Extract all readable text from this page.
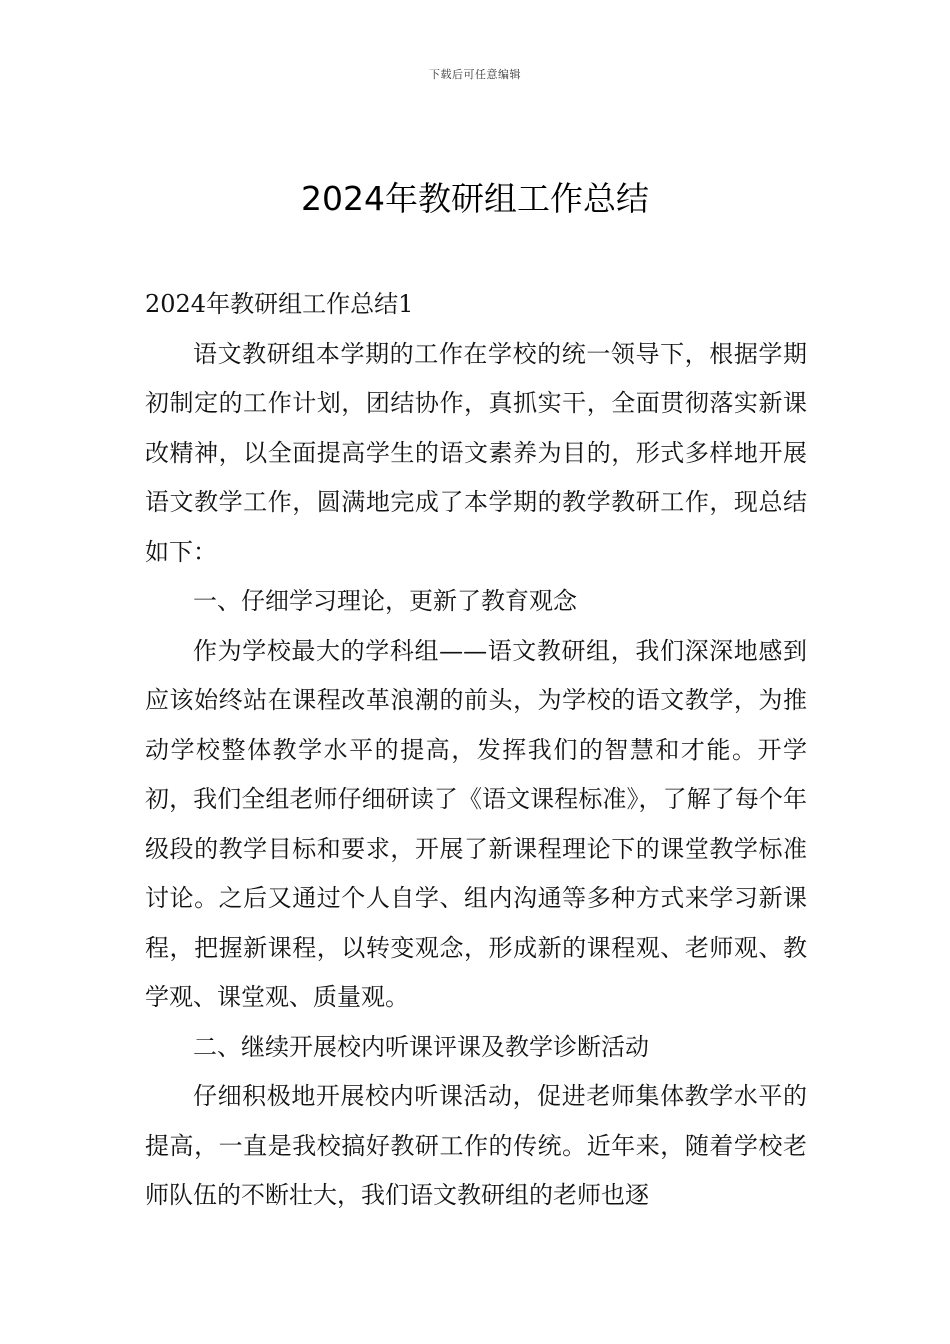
下载后可任意编辑
2024年教研组工作总结

2024年教研组工作总结1

语文教研组本学期的工作在学校的统一领导下，根据学期初制定的工作计划，团结协作，真抓实干，全面贯彻落实新课改精神，以全面提高学生的语文素养为目的，形式多样地开展语文教学工作，圆满地完成了本学期的教学教研工作，现总结如下：

一、仔细学习理论，更新了教育观念

作为学校最大的学科组——语文教研组，我们深深地感到应该始终站在课程改革浪潮的前头，为学校的语文教学，为推动学校整体教学水平的提高，发挥我们的智慧和才能。开学初，我们全组老师仔细研读了《语文课程标准》，了解了每个年级段的教学目标和要求，开展了新课程理论下的课堂教学标准讨论。之后又通过个人自学、组内沟通等多种方式来学习新课程，把握新课程，以转变观念，形成新的课程观、老师观、教学观、课堂观、质量观。

二、继续开展校内听课评课及教学诊断活动

仔细积极地开展校内听课活动，促进老师集体教学水平的提高，一直是我校搞好教研工作的传统。近年来，随着学校老师队伍的不断壮大，我们语文教研组的老师也逐
